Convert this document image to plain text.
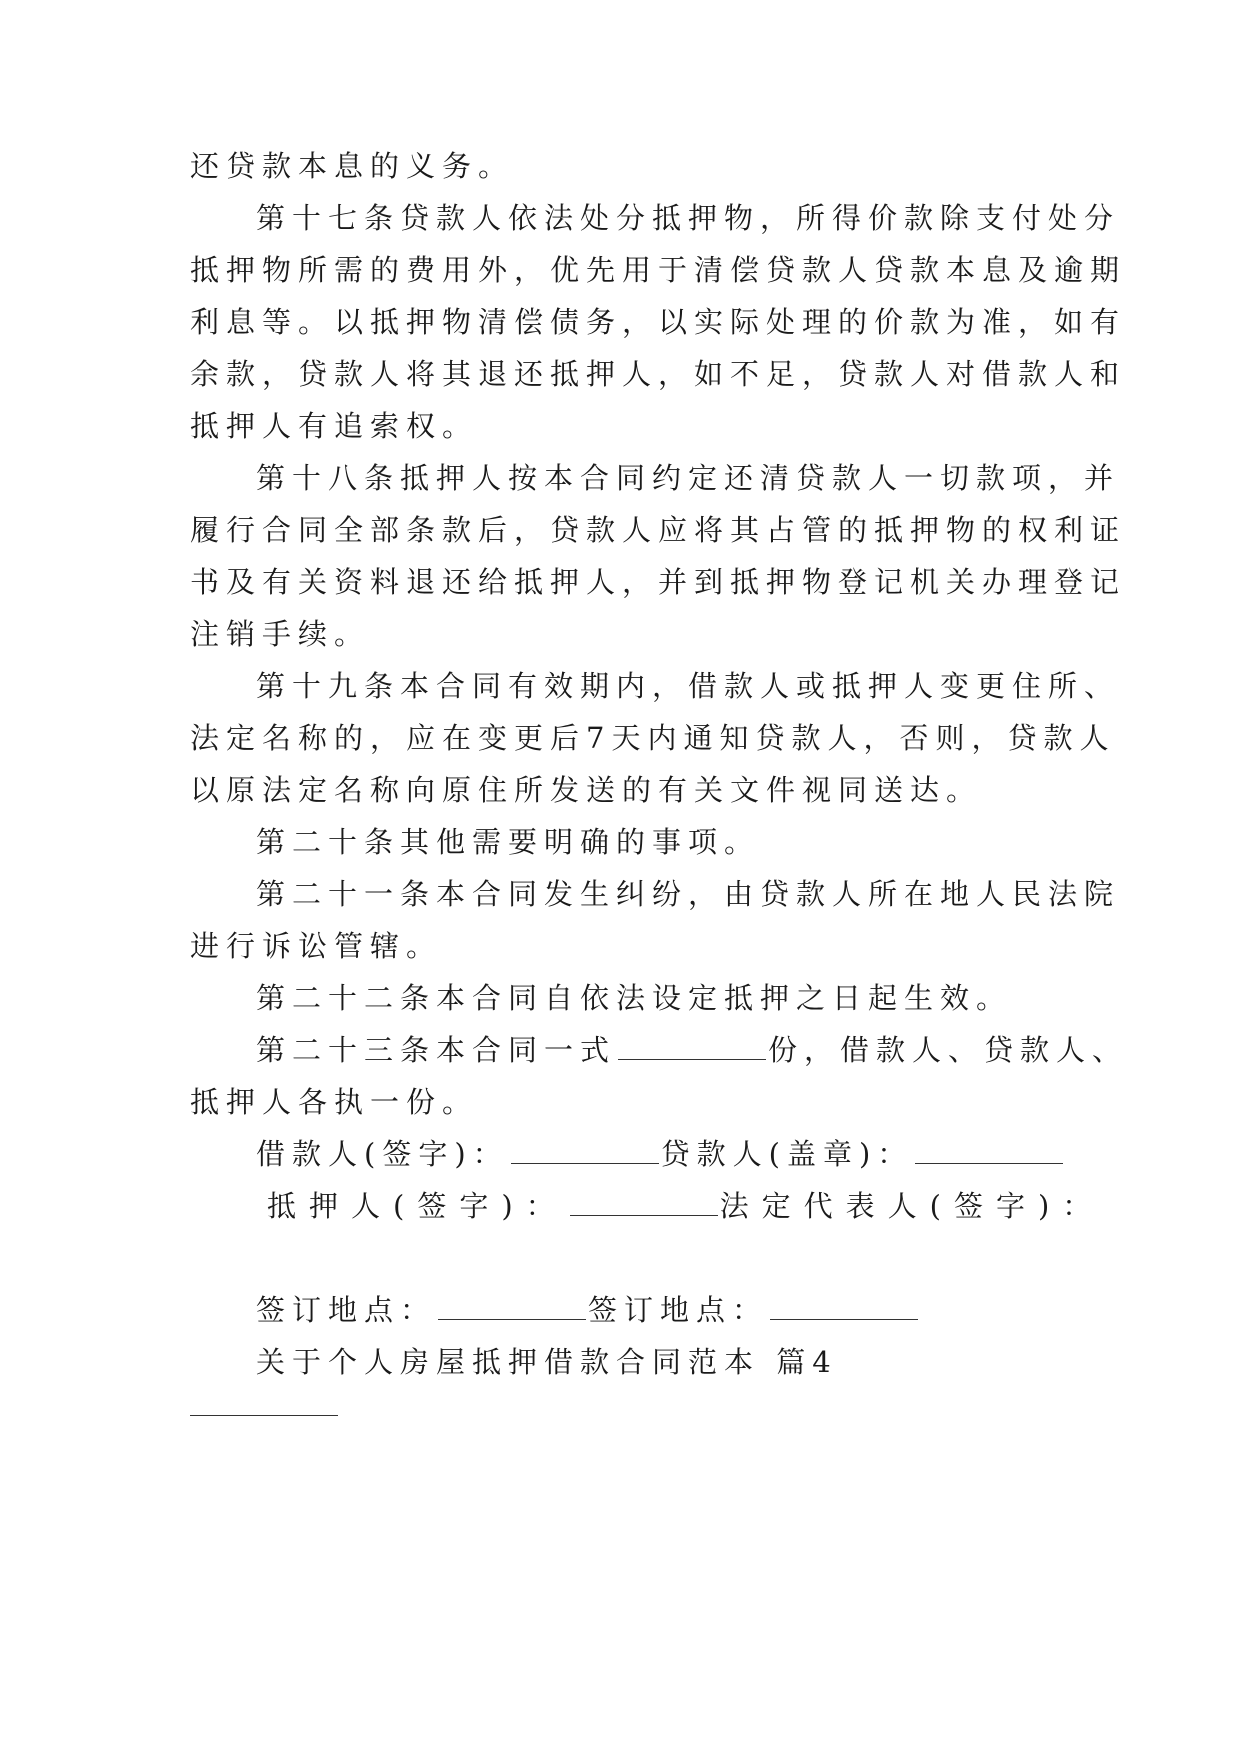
还贷款本息的义务。
第十七条贷款人依法处分抵押物，所得价款除支付处分
抵押物所需的费用外，优先用于清偿贷款人贷款本息及逾期
利息等。以抵押物清偿债务，以实际处理的价款为准，如有
余款，贷款人将其退还抵押人，如不足，贷款人对借款人和
抵押人有追索权。
第十八条抵押人按本合同约定还清贷款人一切款项，并
履行合同全部条款后，贷款人应将其占管的抵押物的权利证
书及有关资料退还给抵押人，并到抵押物登记机关办理登记
注销手续。
第十九条本合同有效期内，借款人或抵押人变更住所、
法定名称的，应在变更后7天内通知贷款人，否则，贷款人
以原法定名称向原住所发送的有关文件视同送达。
第二十条其他需要明确的事项。
第二十一条本合同发生纠纷，由贷款人所在地人民法院
进行诉讼管辖。
第二十二条本合同自依法设定抵押之日起生效。
第二十三条本合同一式	份，借款人、贷款人、
抵押人各执一份。
借款人(签字)：	贷款人(盖章)：
抵押人(签字)：	法定代表人(签字)：
签订地点：	签订地点：
关于个人房屋抵押借款合同范本 篇4
